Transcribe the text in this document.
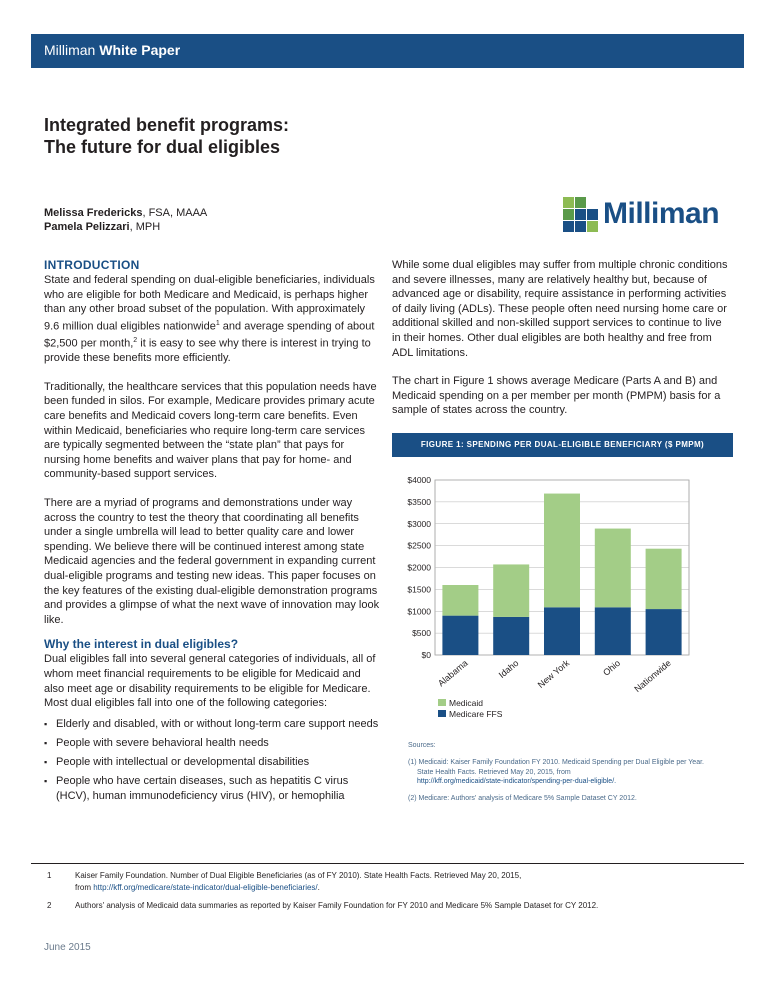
Milliman White Paper
Integrated benefit programs:
The future for dual eligibles
Melissa Fredericks, FSA, MAAA
Pamela Pelizzari, MPH	Milliman
INTRODUCTION

State and federal spending on dual-eligible beneficiaries, individuals who are eligible for both Medicare and Medicaid, is perhaps higher than any other broad subset of the population. With approximately 9.6 million dual eligibles nationwide$^1$ and average spending of about $2,500 per month,$^2$ it is easy to see why there is interest in trying to provide these benefits more efficiently.

Traditionally, the healthcare services that this population needs have been funded in silos. For example, Medicare provides primary acute care benefits and Medicaid covers long-term care benefits. Even within Medicaid, beneficiaries who require long-term care services are typically segmented between the “state plan” that pays for nursing home benefits and waiver plans that pay for home- and community-based support services.

There are a myriad of programs and demonstrations under way across the country to test the theory that coordinating all benefits under a single umbrella will lead to better quality care and lower spending. We believe there will be continued interest among state Medicaid agencies and the federal government in expanding current dual-eligible programs and testing new ideas. This paper focuses on the key features of the existing dual-eligible demonstration programs and provides a glimpse of what the next wave of innovation may look like.

Why the interest in dual eligibles?

Dual eligibles fall into several general categories of individuals, all of whom meet financial requirements to be eligible for Medicaid and also meet age or disability requirements to be eligible for Medicare. Most dual eligibles fall into one of the following categories:

▪ Elderly and disabled, with or without long-term care support needs
▪ People with severe behavioral health needs
▪ People with intellectual or developmental disabilities
▪ People who have certain diseases, such as hepatitis C virus (HCV), human immunodeficiency virus (HIV), or hemophilia

While some dual eligibles may suffer from multiple chronic conditions and severe illnesses, many are relatively healthy but, because of advanced age or disability, require assistance in performing activities of daily living (ADLs). These people often need nursing home care or additional skilled and non-skilled support services to continue to live in their homes. Other dual eligibles are both healthy and free from ADL limitations.

The chart in Figure 1 shows average Medicare (Parts A and B) and Medicaid spending on a per member per month (PMPM) basis for a sample of states across the country.

FIGURE 1: SPENDING PER DUAL-ELIGIBLE BENEFICIARY ($ PMPM)
$0
$500
$1000
$1500
$2000
$2500
$3000
$3500
$4000
Alabama	Idaho New York	Ohio Nationwide
Medicaid
Medicare FFS
Sources:
(1) Medicaid: Kaiser Family Foundation FY 2010. Medicaid Spending per Dual Eligible per Year.
State Health Facts. Retrieved May 20, 2015, from
http://kff.org/medicaid/state-indicator/spending-per-dual-eligible/.
(2) Medicare: Authors' analysis of Medicare 5% Sample Dataset CY 2012.
1	Kaiser Family Foundation. Number of Dual Eligible Beneficiaries (as of FY 2010). State Health Facts. Retrieved May 20, 2015,
from http://kff.org/medicare/state-indicator/dual-eligible-beneficiaries/.
2	Authors' analysis of Medicaid data summaries as reported by Kaiser Family Foundation for FY 2010 and Medicare 5% Sample Dataset for CY 2012.
June 2015
